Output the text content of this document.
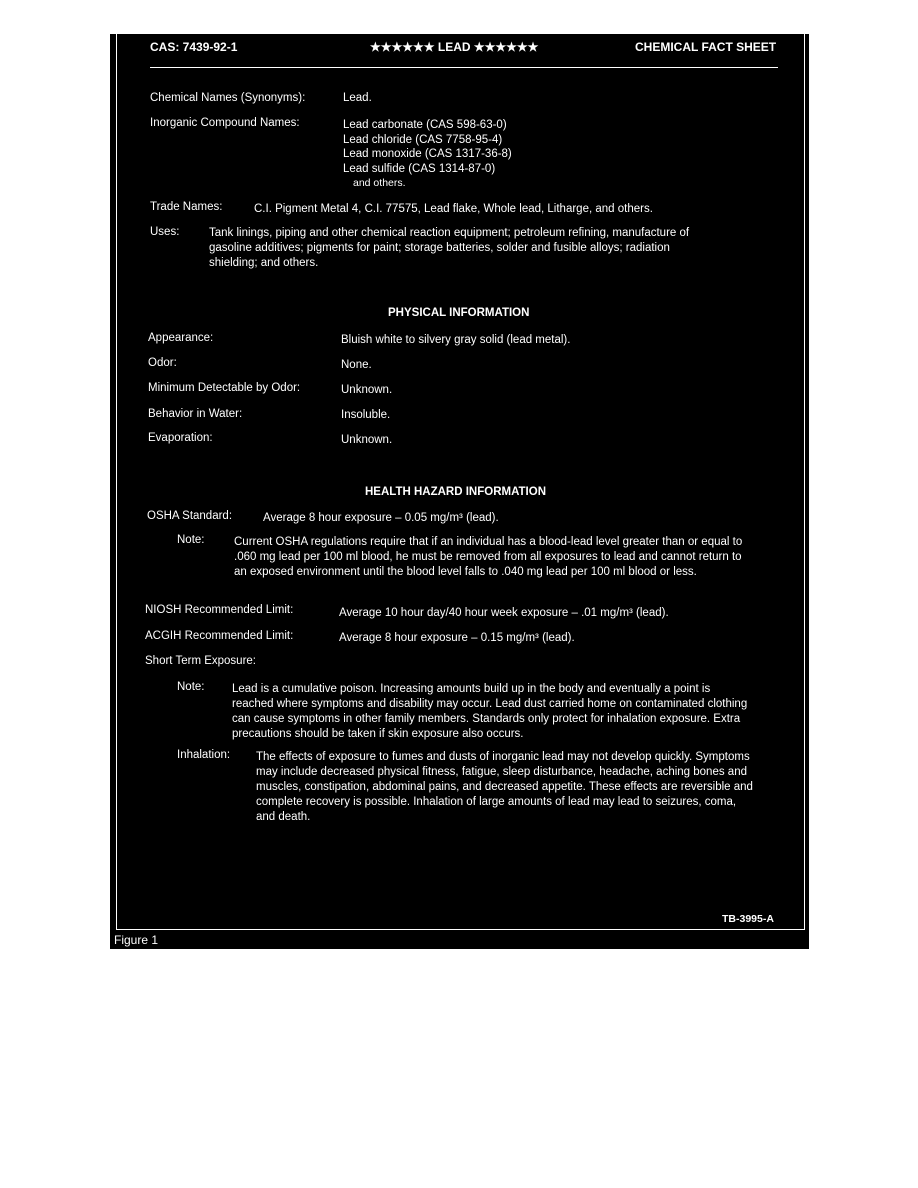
CAS: 7439-92-1	★★★★★★ LEAD ★★★★★★	CHEMICAL FACT SHEET
Chemical Names (Synonyms):	Lead.
Inorganic Compound Names:	Lead carbonate (CAS 598-63-0)
Lead chloride (CAS 7758-95-4)
Lead monoxide (CAS 1317-36-8)
Lead sulfide (CAS 1314-87-0)
and others.
Trade Names:	C.I. Pigment Metal 4, C.I. 77575, Lead flake, Whole lead, Litharge, and others.
Uses:	Tank linings, piping and other chemical reaction equipment; petroleum refining, manufacture of gasoline additives; pigments for paint; storage batteries, solder and fusible alloys; radiation shielding; and others.
PHYSICAL INFORMATION
Appearance:	Bluish white to silvery gray solid (lead metal).
Odor:	None.
Minimum Detectable by Odor:	Unknown.
Behavior in Water:	Insoluble.
Evaporation:	Unknown.
HEALTH HAZARD INFORMATION
OSHA Standard:	Average 8 hour exposure – 0.05 mg/m³ (lead).
Note:	Current OSHA regulations require that if an individual has a blood-lead level greater than or equal to .060 mg lead per 100 ml blood, he must be removed from all exposures to lead and cannot return to an exposed environment until the blood level falls to .040 mg lead per 100 ml blood or less.
NIOSH Recommended Limit:	Average 10 hour day/40 hour week exposure – .01 mg/m³ (lead).
ACGIH Recommended Limit:	Average 8 hour exposure – 0.15 mg/m³ (lead).
Short Term Exposure:
Note: Lead is a cumulative poison. Increasing amounts build up in the body and eventually a point is reached where symptoms and disability may occur. Lead dust carried home on contaminated clothing can cause symptoms in other family members. Standards only protect for inhalation exposure. Extra precautions should be taken if skin exposure also occurs.
Inhalation: The effects of exposure to fumes and dusts of inorganic lead may not develop quickly. Symptoms may include decreased physical fitness, fatigue, sleep disturbance, headache, aching bones and muscles, constipation, abdominal pains, and decreased appetite. These effects are reversible and complete recovery is possible. Inhalation of large amounts of lead may lead to seizures, coma, and death.
TB-3995-A
Figure 1
